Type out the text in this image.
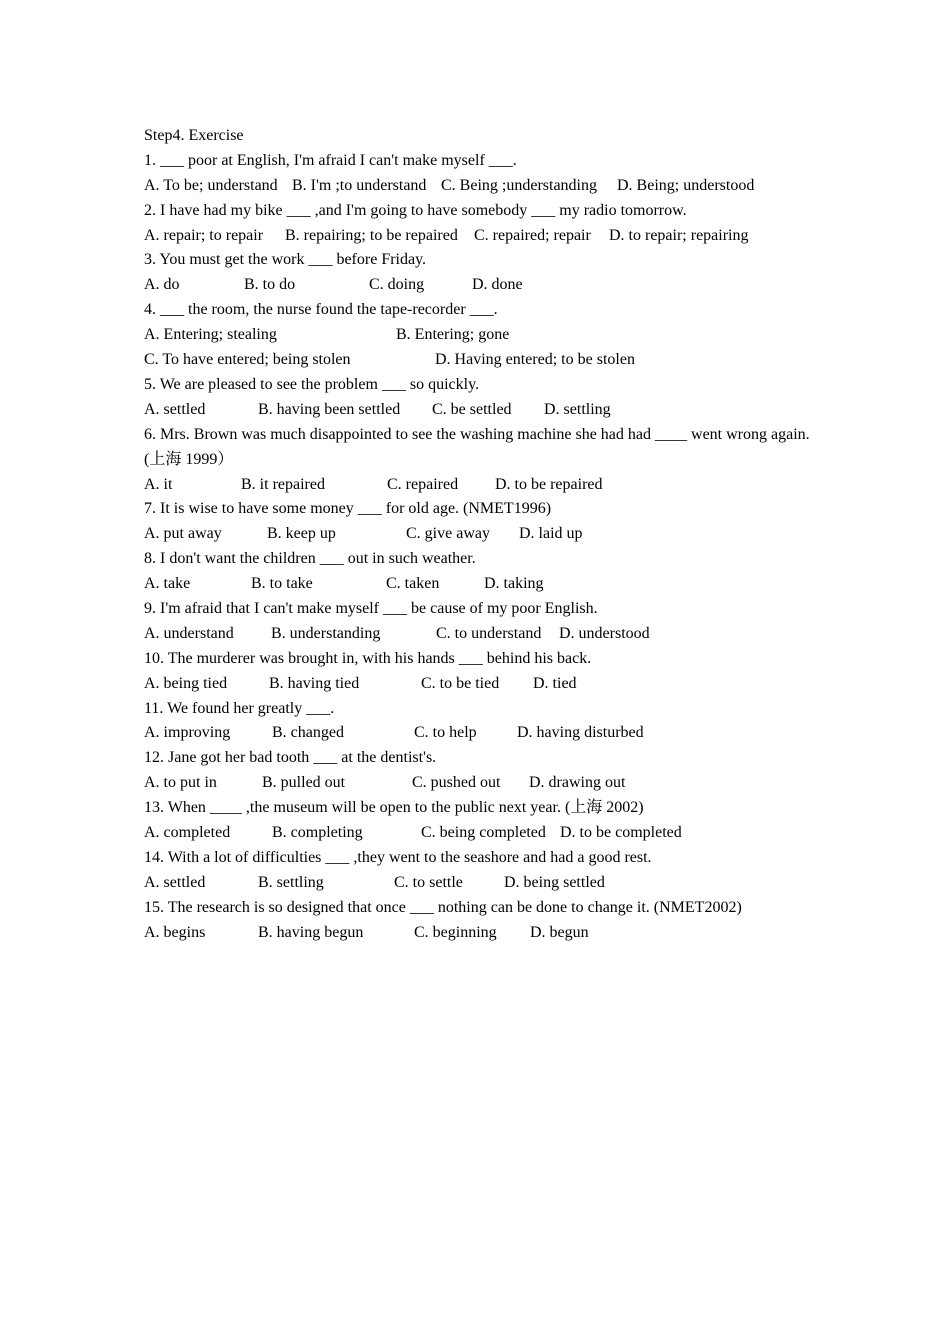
Step4. Exercise
1. ___ poor at English, I'm afraid I can't make myself ___.
A. To be; understand B. I'm ;to understand C. Being ;understanding D. Being; understood
2. I have had my bike ___ ,and I'm going to have somebody ___ my radio tomorrow.
A. repair; to repair B. repairing; to be repaired C. repaired; repair D. to repair; repairing
3. You must get the work ___ before Friday.
A. do	B. to do	C. doing	D. done
4. ___ the room, the nurse found the tape-recorder ___.
A. Entering; stealing	B. Entering; gone
C. To have entered; being stolen	D. Having entered; to be stolen
5. We are pleased to see the problem ___ so quickly.
A. settled	B. having been settled C. be settled D. settling
6. Mrs. Brown was much disappointed to see the washing machine she had had ____ went wrong again. (上海 1999）
A. it	B. it repaired	C. repaired D. to be repaired
7. It is wise to have some money ___ for old age. (NMET1996)
A. put away	B. keep up	C. give away D. laid up
8. I don't want the children ___ out in such weather.
A. take	B. to take	C. taken	D. taking
9. I'm afraid that I can't make myself ___ be cause of my poor English.
A. understand B. understanding	C. to understand D. understood
10. The murderer was brought in, with his hands ___ behind his back.
A. being tied	B. having tied	C. to be tied D. tied
11. We found her greatly ___.
A. improving	B. changed	C. to help	D. having disturbed
12. Jane got her bad tooth ___ at the dentist's.
A. to put in	B. pulled out	C. pushed out D. drawing out
13. When ____ ,the museum will be open to the public next year. (上海 2002)
A. completed	B. completing	C. being completed D. to be completed
14. With a lot of difficulties ___ ,they went to the seashore and had a good rest.
A. settled	B. settling	C. to settle	D. being settled
15. The research is so designed that once ___ nothing can be done to change it. (NMET2002)
A. begins	B. having begun	C. beginning D. begun
